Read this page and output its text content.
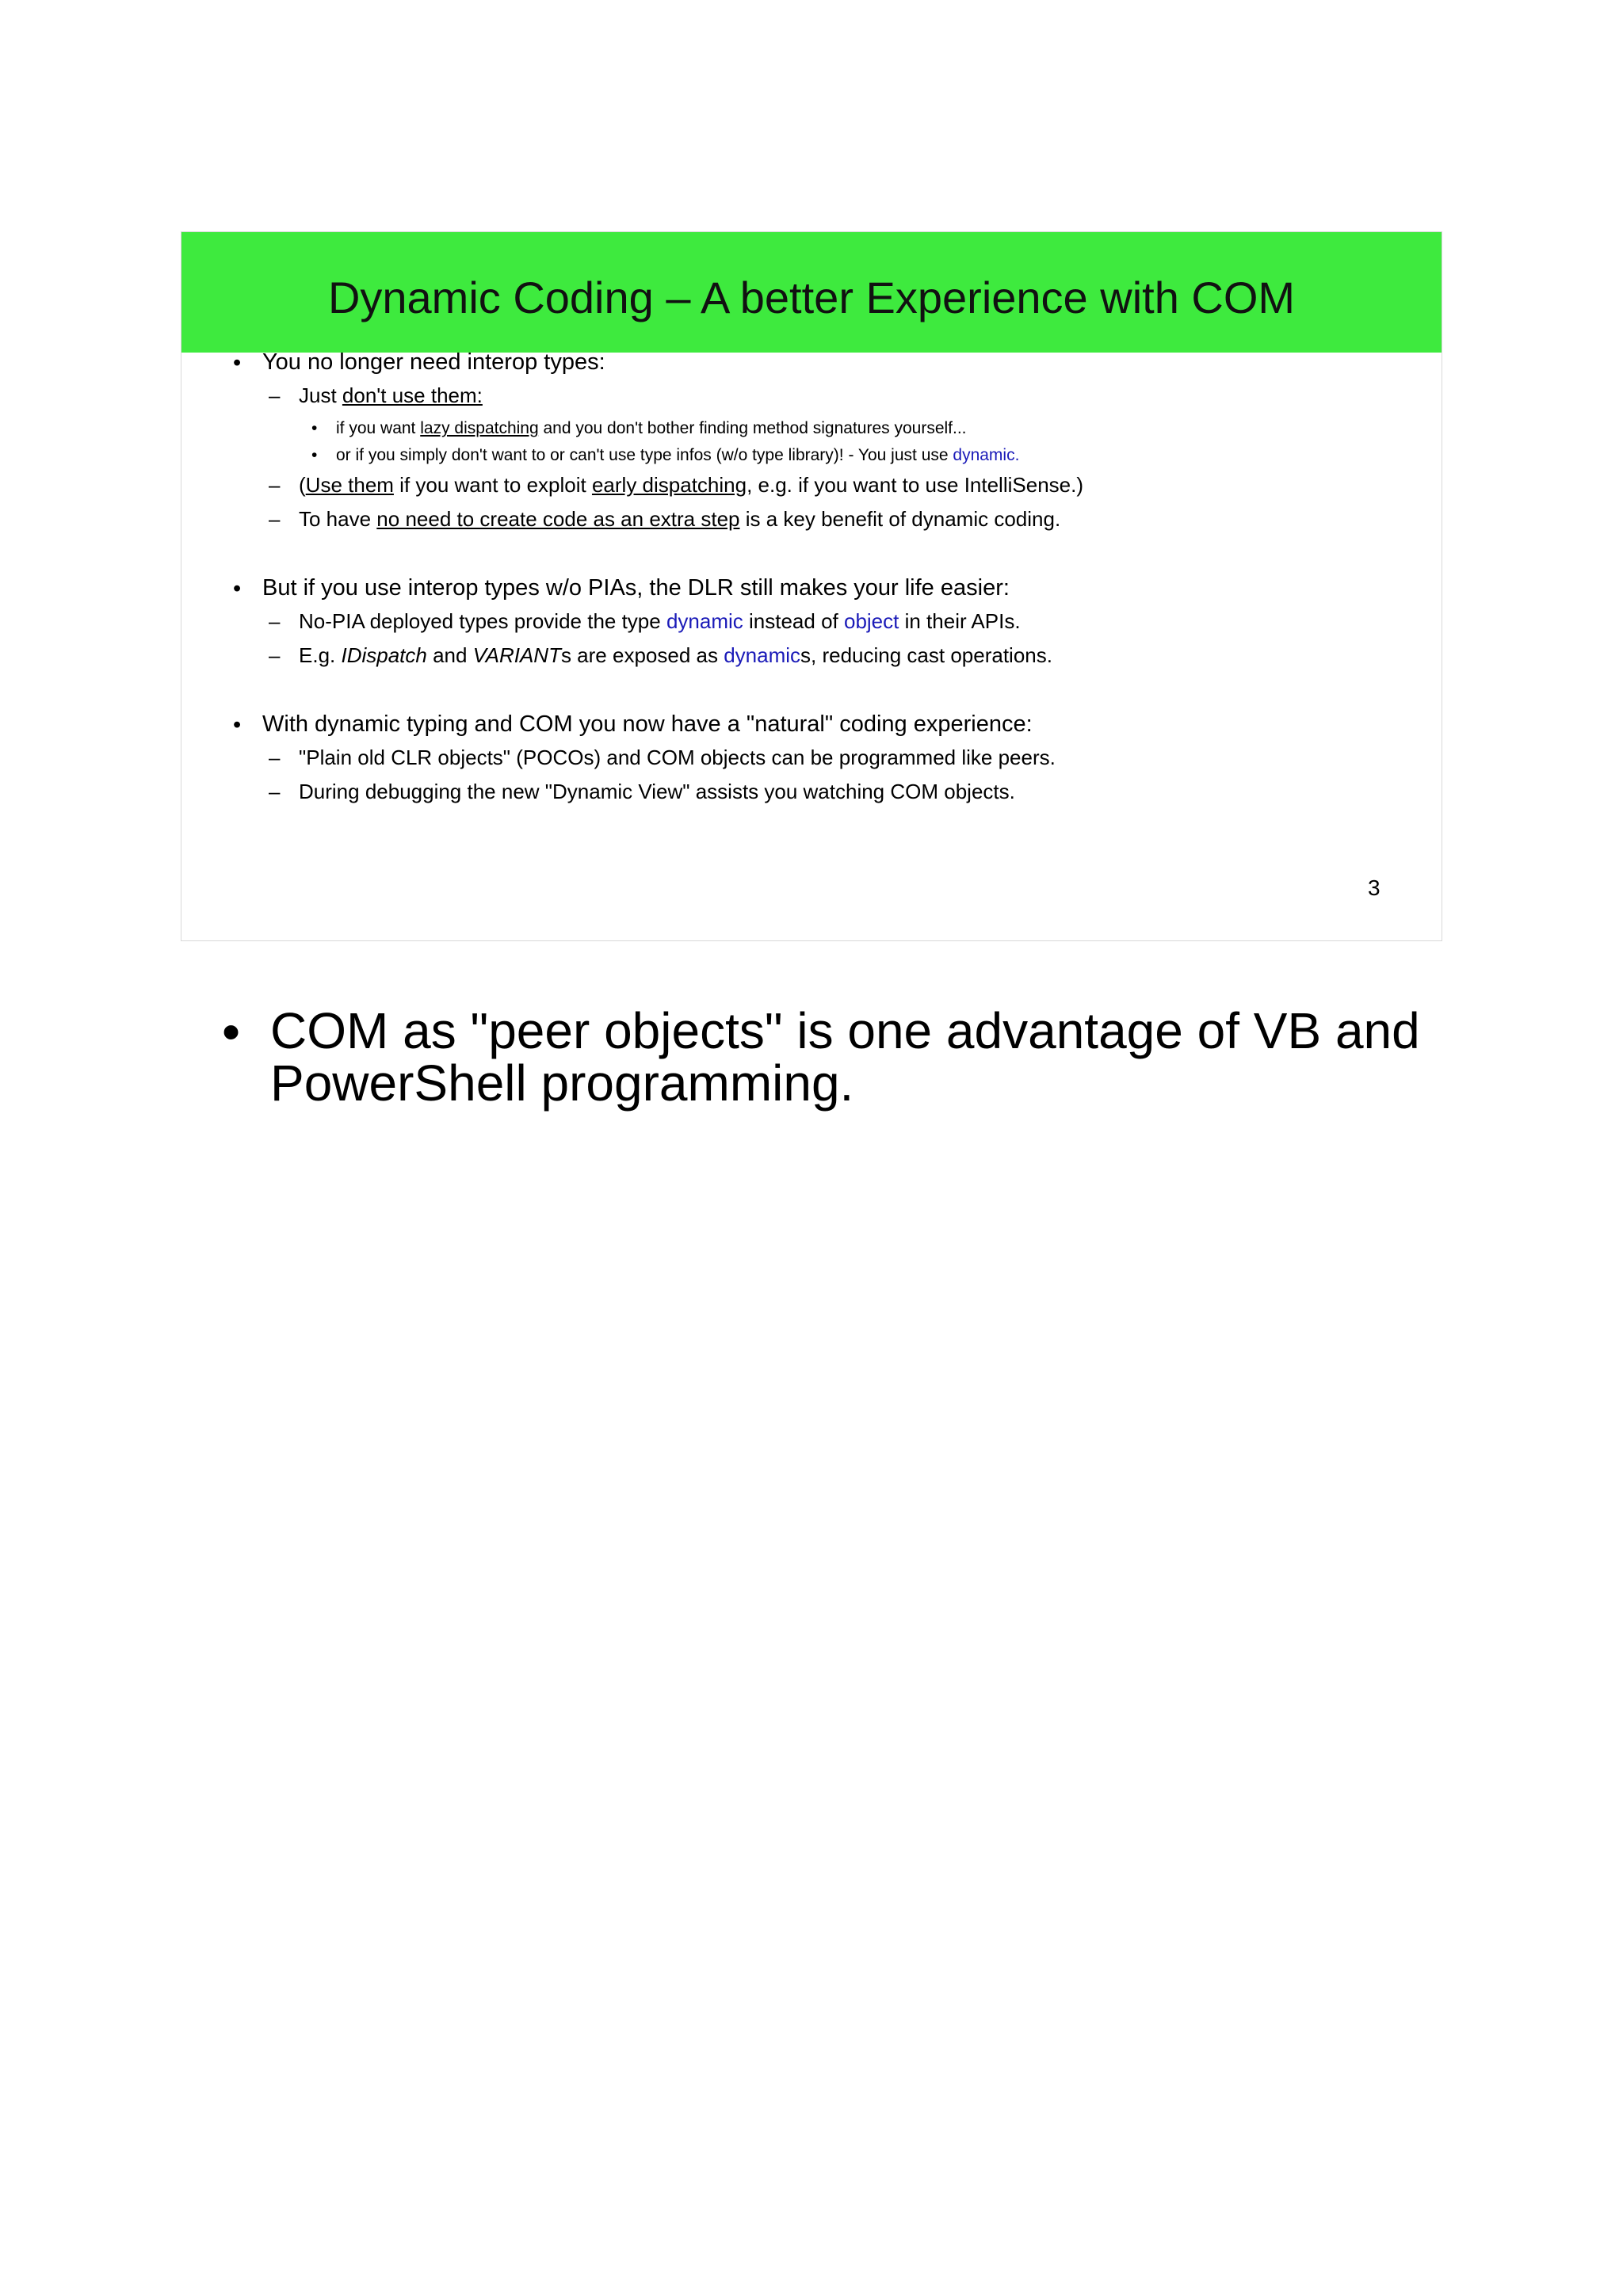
Dynamic Coding – A better Experience with COM
• You no longer need interop types:
– Just don't use them:
• if you want lazy dispatching and you don't bother finding method signatures yourself...
• or if you simply don't want to or can't use type infos (w/o type library)! - You just use dynamic.
– (Use them if you want to exploit early dispatching, e.g. if you want to use IntelliSense.)
– To have no need to create code as an extra step is a key benefit of dynamic coding.
• But if you use interop types w/o PIAs, the DLR still makes your life easier:
– No-PIA deployed types provide the type dynamic instead of object in their APIs.
– E.g. IDispatch and VARIANTs are exposed as dynamics, reducing cast operations.
• With dynamic typing and COM you now have a "natural" coding experience:
– "Plain old CLR objects" (POCOs) and COM objects can be programmed like peers.
– During debugging the new "Dynamic View" assists you watching COM objects.
3
• COM as "peer objects" is one advantage of VB and PowerShell programming.
